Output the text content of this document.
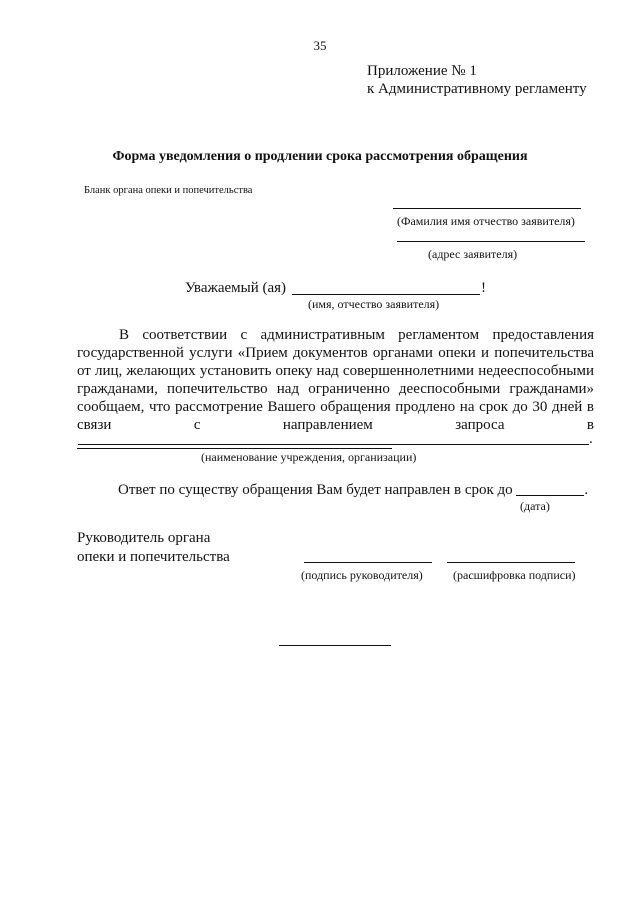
35
Приложение № 1
к Административному регламенту
Форма уведомления о продлении срока рассмотрения обращения
Бланк органа опеки и попечительства
(Фамилия имя отчество заявителя)
(адрес заявителя)
Уважаемый (ая)	!
(имя, отчество заявителя)
В соответствии с административным регламентом предоставления государственной услуги «Прием документов органами опеки и попечительства от лиц, желающих установить опеку над совершеннолетними недееспособными гражданами, попечительство над ограниченно дееспособными гражданами» сообщаем, что рассмотрение Вашего обращения продлено на срок до 30 дней в связи с направлением запроса в
.
(наименование учреждения, организации)
Ответ по существу обращения Вам будет направлен в срок до	.
(дата)
Руководитель органа
опеки и попечительства
(подпись руководителя)	(расшифровка подписи)
